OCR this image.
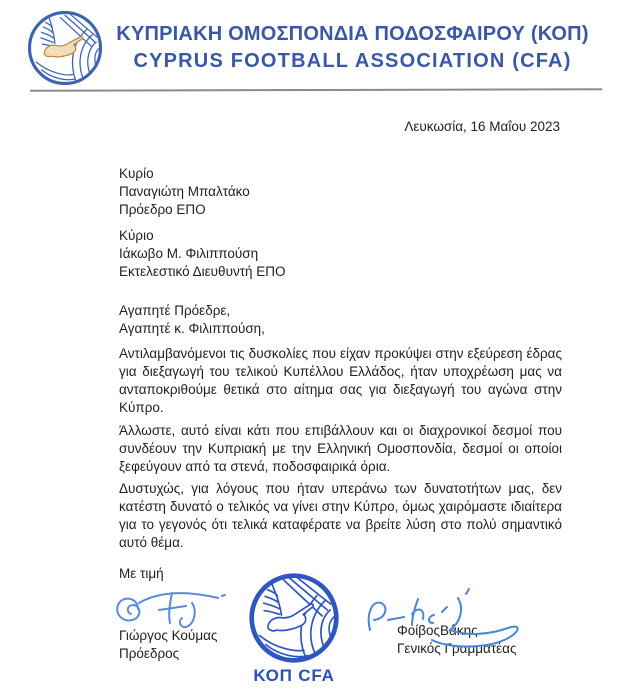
ΚΥΠΡΙΑΚΗ ΟΜΟΣΠΟΝΔΙΑ ΠΟΔΟΣΦΑΙΡΟΥ (ΚΟΠ)
CYPRUS FOOTBALL ASSOCIATION (CFA)
Λευκωσία, 16 Μαΐου 2023
Κυρίο
Παναγιώτη Μπαλτάκο
Πρόεδρο ΕΠΟ
Κύριο
Ιάκωβο Μ. Φιλιππούση
Εκτελεστικό Διευθυντή ΕΠΟ
Αγαπητέ Πρόεδρε,
Αγαπητέ κ. Φιλιππούση,

Αντιλαμβανόμενοι τις δυσκολίες που είχαν προκύψει στην εξεύρεση έδρας για διεξαγωγή του τελικού Κυπέλλου Ελλάδος, ήταν υποχρέωση μας να ανταποκριθούμε θετικά στο αίτημα σας για διεξαγωγή του αγώνα στην Κύπρο.

Άλλωστε, αυτό είναι κάτι που επιβάλλουν και οι διαχρονικοί δεσμοί που συνδέουν την Κυπριακή με την Ελληνική Ομοσπονδία, δεσμοί οι οποίοι ξεφεύγουν από τα στενά, ποδοσφαιρικά όρια.

Δυστυχώς, για λόγους που ήταν υπεράνω των δυνατοτήτων μας, δεν κατέστη δυνατό ο τελικός να γίνει στην Κύπρο, όμως χαιρόμαστε ιδιαίτερα για το γεγονός ότι τελικά καταφέρατε να βρείτε λύση στο πολύ σημαντικό αυτό θέμα.

Με τιμή
Γιώργος Κούμας
Πρόεδρος
ΚΟΠ CFA
ΦοίβοςΒάκης
Γενικός Γραμματέας
